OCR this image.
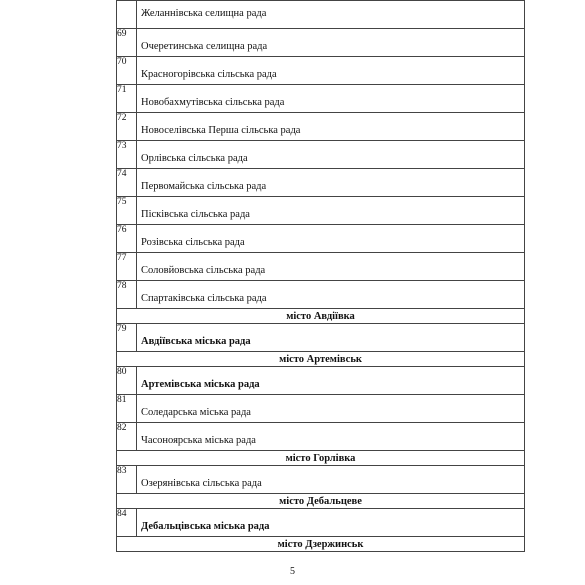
	Желаннівська селищна рада

69	Очеретинська селищна рада

70	Красногорівська сільська рада

71	Новобахмутівська сільська рада

72	Новоселівська Перша сільська рада

73	Орлівська сільська рада

74	Первомайська сільська рада

75	Пісківська сільська рада

76	Розівська сільська рада

77	Соловйовська сільська рада

78	Спартаківська сільська рада

місто Авдіївка	
79	Авдіївська міська рада

місто Артемівськ	
80	Артемівська міська рада

81	Соледарська міська рада

82	Часоноярська міська рада

місто Горлівка	
83	Озерянівська сільська рада

місто Дебальцеве	
84	Дебальцівська міська рада

місто Дзержинськ	
5
